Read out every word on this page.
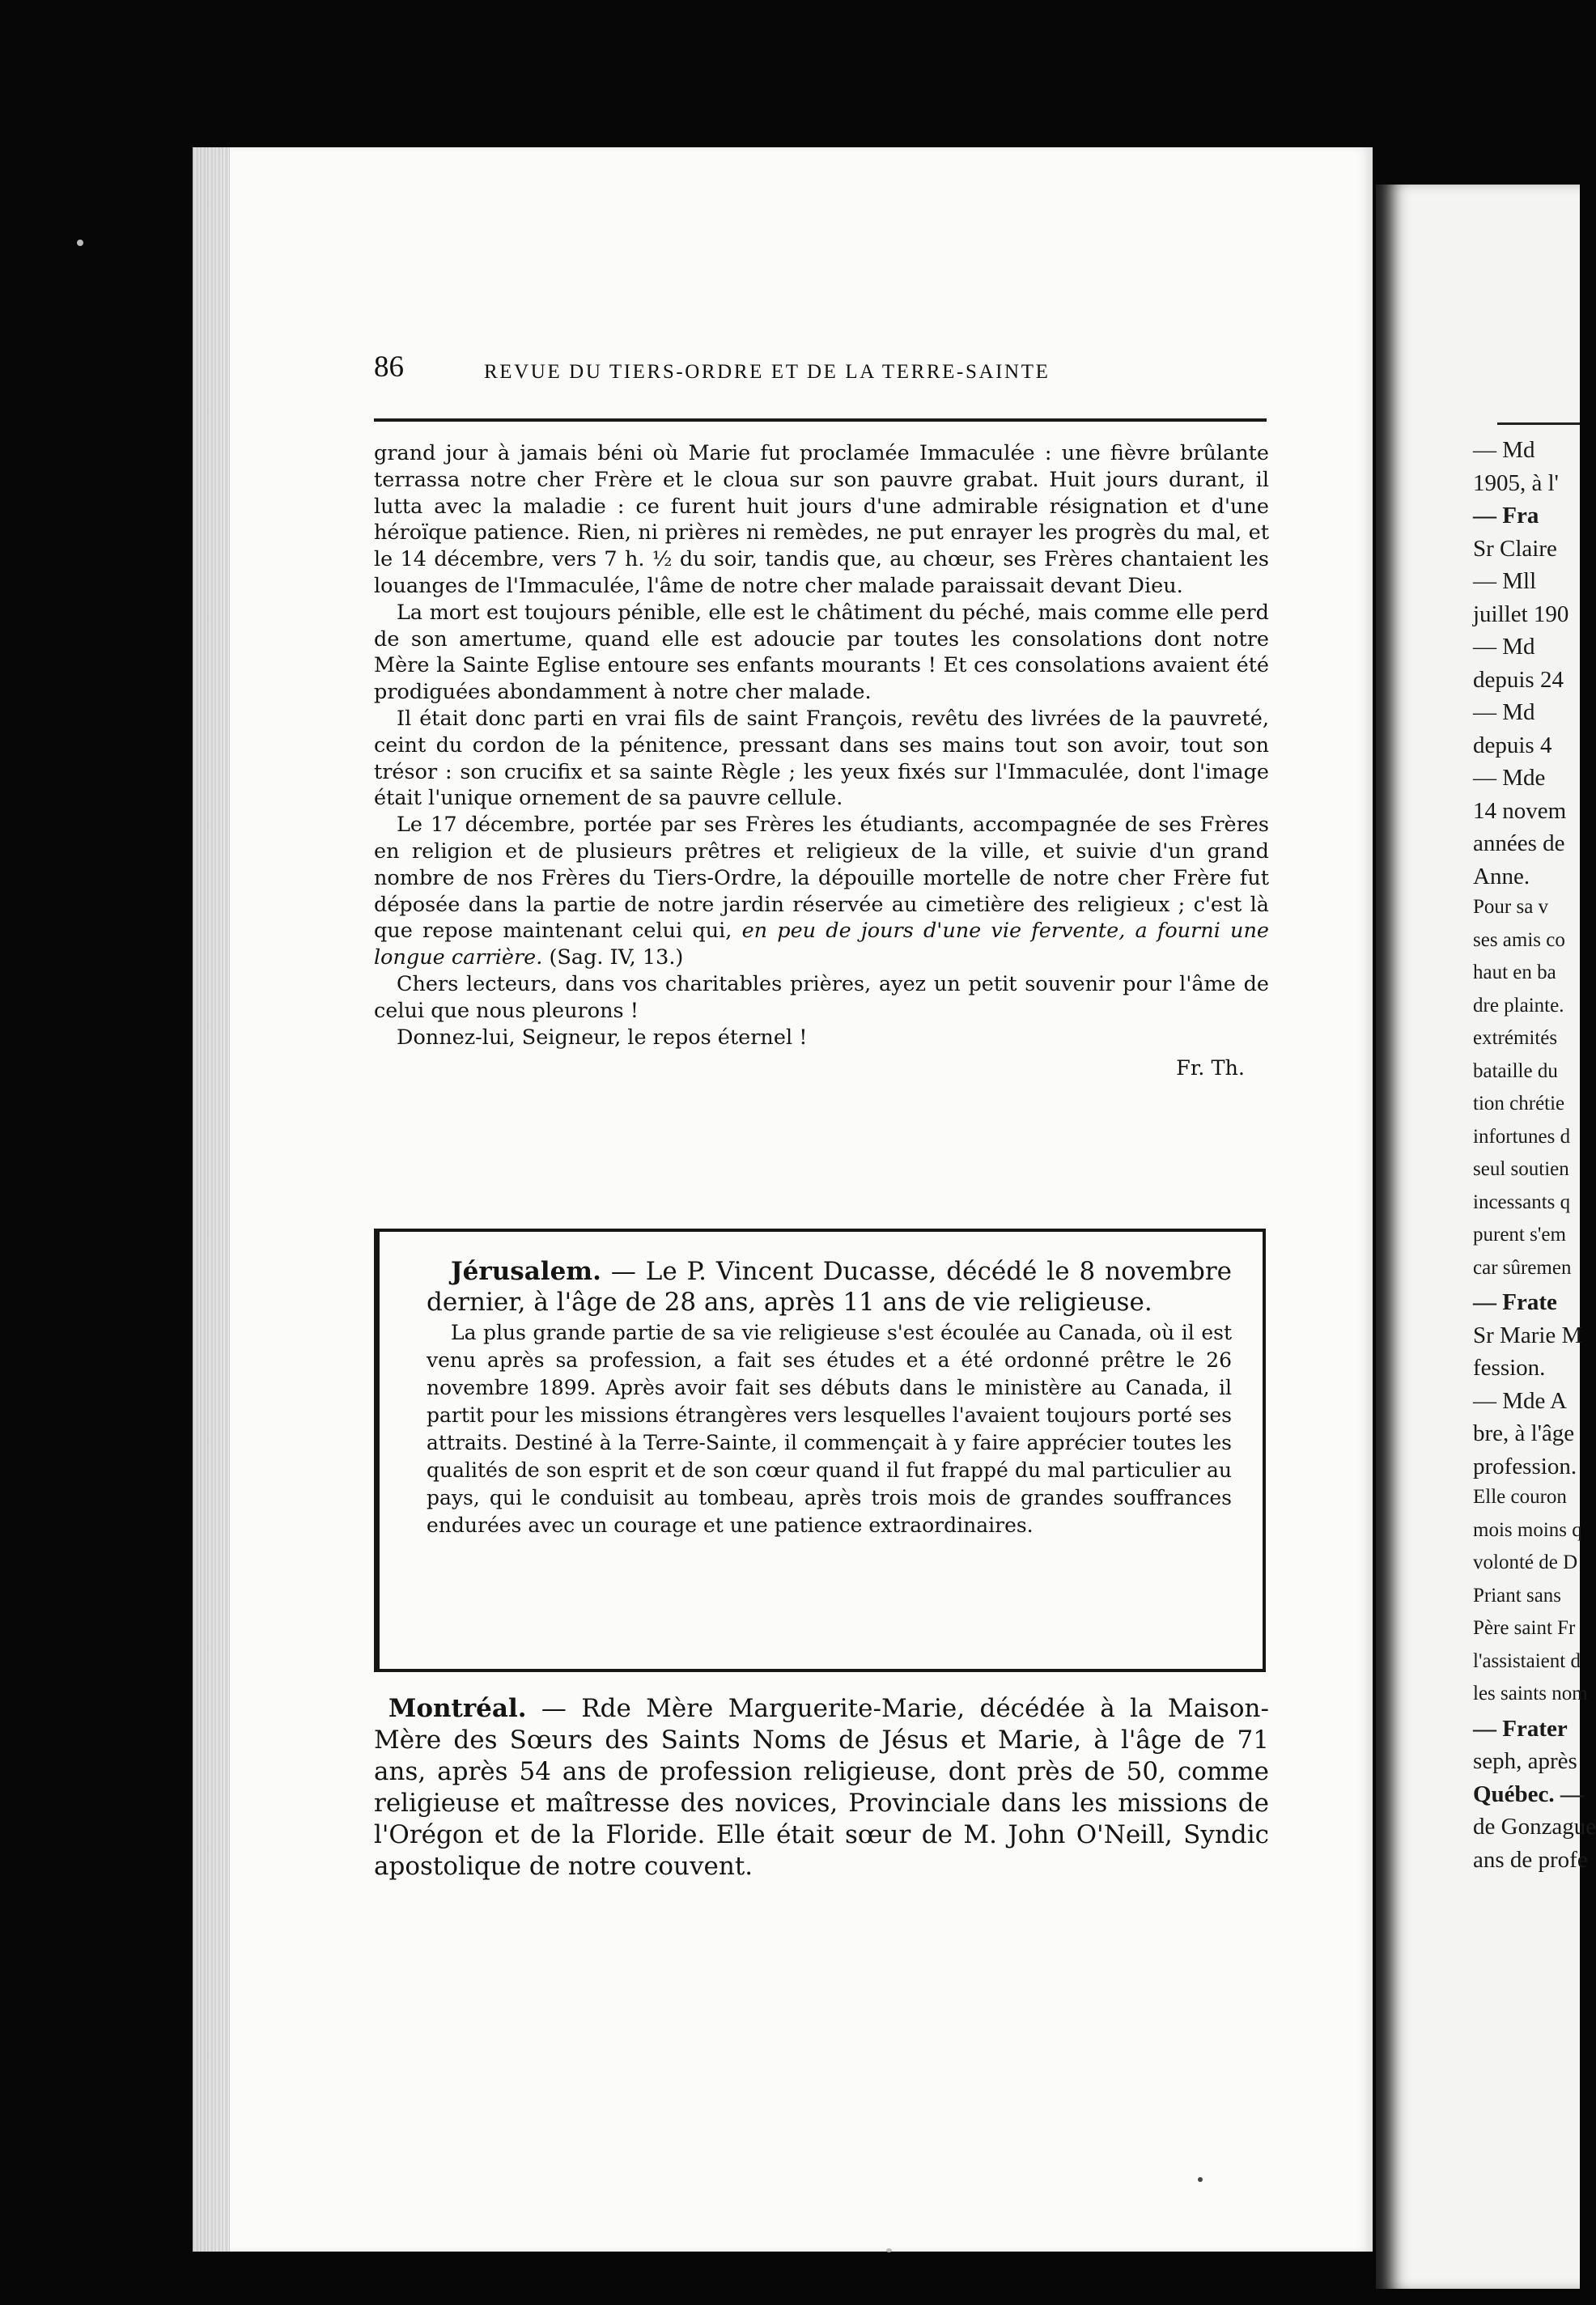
— Md
1905, à l'
— Fra
Sr Claire
— Mll
juillet 190
— Md
depuis 24
— Md
depuis 4
— Mde
14 novem
années de
Anne.
Pour sa v
ses amis co
haut en ba
dre plainte.
extrémités
bataille du
tion chrétie
infortunes d
seul soutien
incessants q
purent s'em
car sûremen
— Frate
Sr Marie M
fession.
— Mde A
bre, à l'âge
profession.
Elle couron
mois moins q
volonté de D
Priant sans
Père saint Fr
l'assistaient d
les saints nom
— Frater
seph, après
Québec. —
de Gonzague
ans de profe
86	REVUE DU TIERS-ORDRE ET DE LA TERRE-SAINTE

grand jour à jamais béni où Marie fut proclamée Immaculée : une fièvre brûlante terrassa notre cher Frère et le cloua sur son pauvre grabat. Huit jours durant, il lutta avec la maladie : ce furent huit jours d'une admirable résignation et d'une héroïque patience. Rien, ni prières ni remèdes, ne put enrayer les progrès du mal, et le 14 décembre, vers 7 h. ½ du soir, tandis que, au chœur, ses Frères chantaient les louanges de l'Immaculée, l'âme de notre cher malade paraissait devant Dieu.

La mort est toujours pénible, elle est le châtiment du péché, mais comme elle perd de son amertume, quand elle est adoucie par toutes les consolations dont notre Mère la Sainte Eglise entoure ses enfants mourants ! Et ces consolations avaient été prodiguées abondamment à notre cher malade.

Il était donc parti en vrai fils de saint François, revêtu des livrées de la pauvreté, ceint du cordon de la pénitence, pressant dans ses mains tout son avoir, tout son trésor : son crucifix et sa sainte Règle ; les yeux fixés sur l'Immaculée, dont l'image était l'unique ornement de sa pauvre cellule.

Le 17 décembre, portée par ses Frères les étudiants, accompagnée de ses Frères en religion et de plusieurs prêtres et religieux de la ville, et suivie d'un grand nombre de nos Frères du Tiers-Ordre, la dépouille mortelle de notre cher Frère fut déposée dans la partie de notre jardin réservée au cimetière des religieux ; c'est là que repose maintenant celui qui, en peu de jours d'une vie fervente, a fourni une longue carrière. (Sag. IV, 13.)

Chers lecteurs, dans vos charitables prières, ayez un petit souvenir pour l'âme de celui que nous pleurons !

Donnez-lui, Seigneur, le repos éternel !

Fr. Th.

Jérusalem. — Le P. Vincent Ducasse, décédé le 8 novembre dernier, à l'âge de 28 ans, après 11 ans de vie religieuse.

La plus grande partie de sa vie religieuse s'est écoulée au Canada, où il est venu après sa profession, a fait ses études et a été ordonné prêtre le 26 novembre 1899. Après avoir fait ses débuts dans le ministère au Canada, il partit pour les missions étrangères vers lesquelles l'avaient toujours porté ses attraits. Destiné à la Terre-Sainte, il commençait à y faire apprécier toutes les qualités de son esprit et de son cœur quand il fut frappé du mal particulier au pays, qui le conduisit au tombeau, après trois mois de grandes souffrances endurées avec un courage et une patience extraordinaires.

Montréal. — Rde Mère Marguerite-Marie, décédée à la Maison-Mère des Sœurs des Saints Noms de Jésus et Marie, à l'âge de 71 ans, après 54 ans de profession religieuse, dont près de 50, comme religieuse et maîtresse des novices, Provinciale dans les missions de l'Orégon et de la Floride. Elle était sœur de M. John O'Neill, Syndic apostolique de notre couvent.
